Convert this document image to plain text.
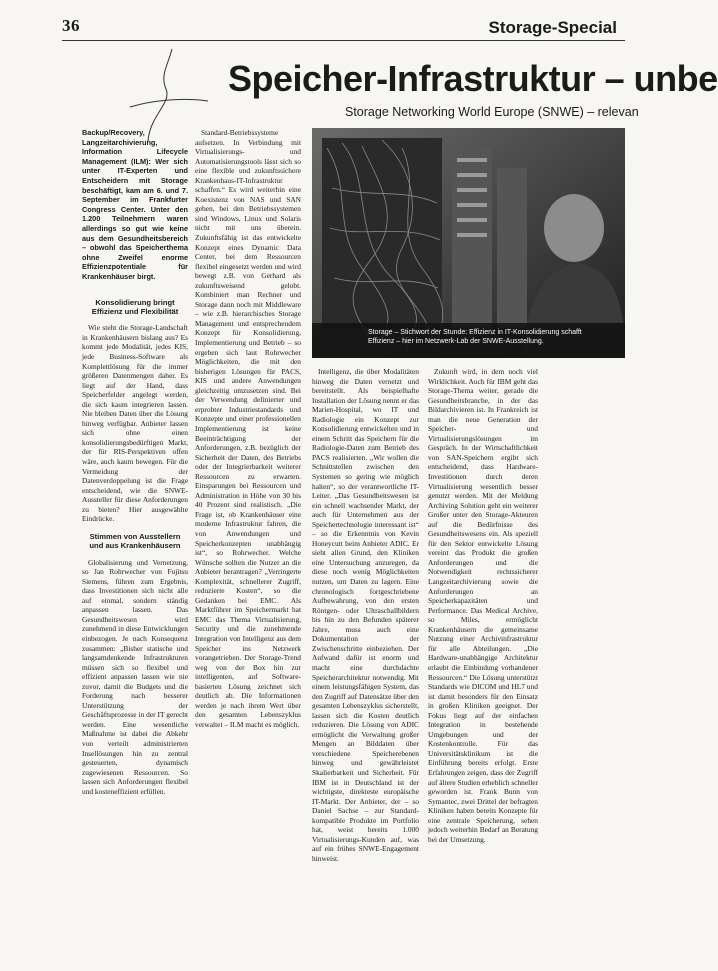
36	Storage-Special
Speicher-Infrastruktur – unbe
Storage Networking World Europe (SNWE) – relevan

Backup/Recovery, Langzeitarchivierung, Information Lifecycle Management (ILM): Wer sich unter IT-Experten und Entscheidern mit Storage beschäftigt, kam am 6. und 7. September im Frankfurter Congress Center. Unter den 1.200 Teilnehmern waren allerdings so gut wie keine aus dem Gesundheitsbereich – obwohl das Speicherthema ohne Zweifel enorme Effizienzpotentiale für Krankenhäuser birgt.

Konsolidierung bringt Effizienz und Flexibilität

Wie steht die Storage-Landschaft in Krankenhäusern bislang aus? Es kommt jede Modalität, jedes KIS, jede Business-Software als Komplettlösung für die immer größeren Datenmengen daher. Es liegt auf der Hand, dass Speicherfelder angelegt werden, die sich kaum integrieren lassen. Nie bleiben Daten über die Lösung hinweg verfügbar. Anbieter lassen sich ohne einen konsolidierungsbedürftigen Markt, der für RIS-Perspektiven offen wäre, auch kaum bewegen. Für die Vermeidung der Datenverdoppelung ist die Frage entscheidend, wie die SNWE-Aussteller für diese Anforderungen zu bieten? Hier ausgewählte Eindrücke.

Stimmen von Ausstellern und aus Krankenhäusern

Globalisierung und Vernetzung, so Jan Rohrwecher von Fujitsu Siemens, führen zum Ergebnis, dass Investitionen sich nicht alle auf einmal, sondern ständig anpassen lassen. Das Gesundheitswesen wird zunehmend in diese Entwicklungen einbezogen. Je nach Konsequenz zusammen: „Bisher statische und langsamdenkende Infrastrukturen müssen sich so flexibel und effizient anpassen lassen wie nie zuvor, damit die Budgets und die Forderung nach besserer Unterstützung der Geschäftsprozesse in der IT gerecht werden. Eine wesentliche Maßnahme ist dabei die Abkehr von verteilt administrierten Insellösungen hin zu zentral gesteuerten, dynamisch zugewiesenen Ressourcen. So lassen sich Anforderungen flexibel und kosteneffizient erfüllen.

Standard-Betriebssysteme aufsetzen. In Verbindung mit Virtualisierungs- und Automatisierungstools lässt sich so eine flexible und zukunftssichere Krankenhaus-IT-Infrastruktur schaffen.“ Es wird weiterhin eine Koexistenz von NAS und SAN geben, bei den Betriebssystemen sind Windows, Linux und Solaris nicht mit uns überein. Zukunftsfähig ist das entwickelte Konzept eines Dynamic Data Center, bei dem Ressourcen flexibel eingesetzt werden und wird bewegt z.B. von Gerhard als zukunftsweisend gelobt. Kombiniert man Rechner und Storage dann noch mit Middleware – wie z.B. hierarchisches Storage Management und entsprechendem Konzept für Konsolidierung, Implementierung und Betrieb – so ergeben sich laut Rohrwecher Möglichkeiten, die mit den bisherigen Lösungen für PACS, KIS und andere Anwendungen gleichzeitig umzusetzen sind. Bei der Verwendung definierter und erprobter Industriestandards und Konzepte und einer professionellen Implementierung ist keine Beeinträchtigung der Anforderungen, z.B. bezüglich der Sicherheit der Daten, des Betriebs oder der Integrierbarkeit weiterer Ressourcen zu erwarten. Einsparungen bei Ressourcen und Administration in Höhe von 30 bis 40 Prozent sind realistisch. „Die Frage ist, ob Krankenhäuser eine moderne Infrastruktur fahren, die von Anwendungen und Speicherkonzepten unabhängig ist“, so Rohrwecher. Welche Wünsche sollten die Nutzer an die Anbieter herantragen? „Verringerte Komplexität, schnellerer Zugriff, reduzierte Kosten“, so die Gedanken bei EMC. Als Marktführer im Speichermarkt hat EMC das Thema Virtualisierung, Security und die zunehmende Integration von Intelligenz aus dem Speicher ins Netzwerk vorangetrieben. Der Storage-Trend weg von der Box hin zur intelligenten, auf Software-basierten Lösung zeichnet sich deutlich ab. Die Informationen werden je nach ihrem Wert über den gesamten Lebenszyklus verwaltet – ILM macht es möglich.

Storage – Stichwort der Stunde: Effizienz in IT-Konsolidierung schafft Effizienz – hier im Netzwerk-Lab der SNWE-Ausstellung.

Intelligenz, die über Modalitäten hinweg die Daten vernetzt und bereitstellt. Als beispielhafte Installation der Lösung nennt er das Marien-Hospital, wo IT und Radiologie ein Konzept zur Konsolidierung entwickelten und in einem Schritt das Speichern für die Radiologie-Daten zum Betrieb des PACS realisierten. „Wir wollen die Schnittstellen zwischen den Systemen so gering wie möglich halten“, so der verantwortliche IT-Leiter. „Das Gesundheitswesen ist ein schnell wachsender Markt, der auch für Unternehmen aus der Speichertechnologie interessant ist“ – so die Erkenntnis von Kevin Honeycutt beim Anbieter ADIC. Er sieht allen Grund, den Kliniken eine Untersuchung anzuregen, da diese noch wenig Möglichkeiten nutzen, um Daten zu lagern. Eine chronologisch fortgeschriebene Aufbewahrung, von den ersten Röntgen- oder Ultraschallbildern bis hin zu den Befunden späterer Jahre, muss auch eine Dokumentation der Zwischenschritte einbeziehen. Der Aufwand dafür ist enorm und macht eine durchdachte Speicherarchitektur notwendig. Mit einem leistungsfähigen System, das den Zugriff auf Datensätze über den gesamten Lebenszyklus sicherstellt, lassen sich die Kosten deutlich reduzieren. Die Lösung von ADIC ermöglicht die Verwaltung großer Mengen an Bilddaten über verschiedene Speicherebenen hinweg und gewährleistet Skalierbarkeit und Sicherheit. Für IBM ist in Deutschland ist der wichtigste, direkteste europäische IT-Markt. Der Anbieter, der – so Daniel Sachse – zur Standard-kompatible Produkte im Portfolio hat, weist bereits 1.000 Virtualisierungs-Kunden auf, was auf ein frühes SNWE-Engagement hinweist.

Zukunft wird, in dem noch viel Wirklichkeit. Auch für IBM geht das Storage-Thema weiter, gerade die Gesundheitsbranche, in der das Bildarchivieren ist. In Frankreich ist man die neue Generation der Speicher- und Virtualisierungslösungen im Gespräch. In der Wirtschaftlichkeit von SAN-Speichern ergibt sich entscheidend, dass Hardware-Investitionen durch deren Virtualisierung wesentlich besser genutzt werden. Mit der Meldung Archiving Solution geht ein weiterer Großer unter den Storage-Akteuren auf die Bedürfnisse des Gesundheitswesens ein. Als speziell für den Sektor entwickelte Lösung vereint das Produkt die großen Anforderungen und die Notwendigkeit rechtssicherer Langzeitarchivierung sowie die Anforderungen an Speicherkapazitäten und Performance. Das Medical Archive, so Miles, ermöglicht Krankenhäusern die gemeinsame Nutzung einer Archivinfrastruktur für alle Abteilungen. „Die Hardware-unabhängige Architektur erlaubt die Einbindung vorhandener Ressourcen.“ Die Lösung unterstützt Standards wie DICOM und HL7 und ist damit besonders für den Einsatz in großen Kliniken geeignet. Der Fokus liegt auf der einfachen Integration in bestehende Umgebungen und der Kostenkontrolle. Für das Universitätsklinikum ist die Einführung bereits erfolgt. Erste Erfahrungen zeigen, dass der Zugriff auf ältere Studien erheblich schneller geworden ist. Frank Bunn von Symantec, zwei Drittel der befragten Kliniken haben bereits Konzepte für eine zentrale Speicherung, sehen jedoch weiterhin Bedarf an Beratung bei der Umsetzung.
